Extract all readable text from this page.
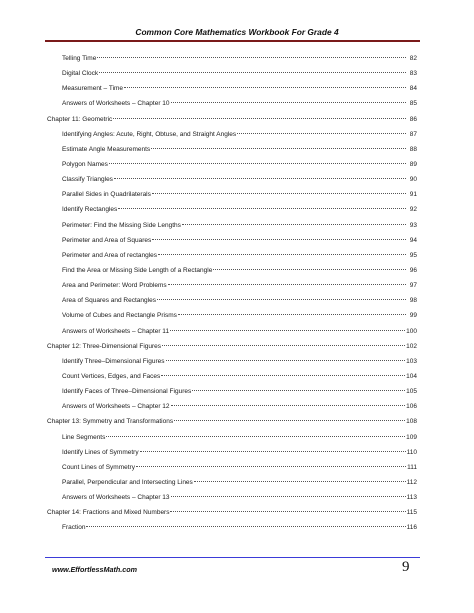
Common Core Mathematics Workbook For Grade 4
Telling Time	82
Digital Clock	83
Measurement – Time	84
Answers of Worksheets – Chapter 10	85
Chapter 11: Geometric	86
Identifying Angles: Acute, Right, Obtuse, and Straight Angles	87
Estimate Angle Measurements	88
Polygon Names	89
Classify Triangles	90
Parallel Sides in Quadrilaterals	91
Identify Rectangles	92
Perimeter: Find the Missing Side Lengths	93
Perimeter and Area of Squares	94
Perimeter and Area of rectangles	95
Find the Area or Missing Side Length of a Rectangle	96
Area and Perimeter: Word Problems	97
Area of Squares and Rectangles	98
Volume of Cubes and Rectangle Prisms	99
Answers of Worksheets – Chapter 11	100
Chapter 12: Three-Dimensional Figures	102
Identify Three–Dimensional Figures	103
Count Vertices, Edges, and Faces	104
Identify Faces of Three–Dimensional Figures	105
Answers of Worksheets – Chapter 12	106
Chapter 13: Symmetry and Transformations	108
Line Segments	109
Identify Lines of Symmetry	110
Count Lines of Symmetry	111
Parallel, Perpendicular and Intersecting Lines	112
Answers of Worksheets – Chapter 13	113
Chapter 14: Fractions and Mixed Numbers	115
Fraction	116
www.EffortlessMath.com	9
